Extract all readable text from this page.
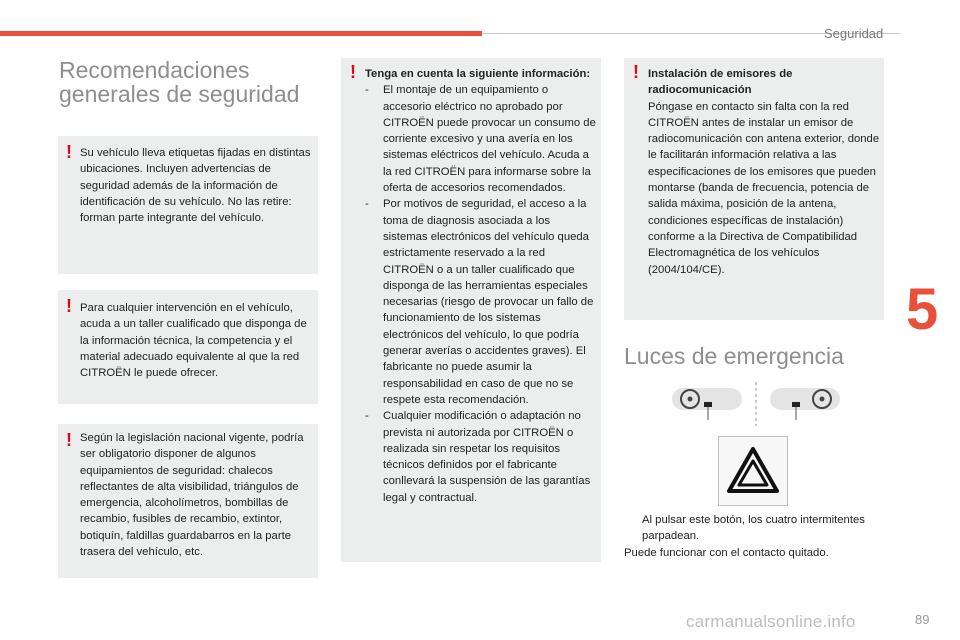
Seguridad
5
Recomendaciones generales de seguridad
! Su vehículo lleva etiquetas fijadas en distintas ubicaciones. Incluyen advertencias de seguridad además de la información de identificación de su vehículo. No las retire: forman parte integrante del vehículo.

! Para cualquier intervención en el vehículo, acuda a un taller cualificado que disponga de la información técnica, la competencia y el material adecuado equivalente al que la red CITROËN le puede ofrecer.

! Según la legislación nacional vigente, podría ser obligatorio disponer de algunos equipamientos de seguridad: chalecos reflectantes de alta visibilidad, triángulos de emergencia, alcoholímetros, bombillas de recambio, fusibles de recambio, extintor, botiquín, faldillas guardabarros en la parte trasera del vehículo, etc.

! Tenga en cuenta la siguiente información:

-	El montaje de un equipamiento o accesorio eléctrico no aprobado por CITROËN puede provocar un consumo de corriente excesivo y una avería en los sistemas eléctricos del vehículo. Acuda a la red CITROËN para informarse sobre la oferta de accesorios recomendados.
-	Por motivos de seguridad, el acceso a la toma de diagnosis asociada a los sistemas electrónicos del vehículo queda estrictamente reservado a la red CITROËN o a un taller cualificado que disponga de las herramientas especiales necesarias (riesgo de provocar un fallo de funcionamiento de los sistemas electrónicos del vehículo, lo que podría generar averías o accidentes graves). El fabricante no puede asumir la responsabilidad en caso de que no se respete esta recomendación.
-	Cualquier modificación o adaptación no prevista ni autorizada por CITROËN o realizada sin respetar los requisitos técnicos definidos por el fabricante conllevará la suspensión de las garantías legal y contractual.
! Instalación de emisores de radiocomunicación

Póngase en contacto sin falta con la red CITROËN antes de instalar un emisor de radiocomunicación con antena exterior, donde le facilitarán información relativa a las especificaciones de los emisores que pueden montarse (banda de frecuencia, potencia de salida máxima, posición de la antena, condiciones específicas de instalación) conforme a la Directiva de Compatibilidad Electromagnética de los vehículos (2004/104/CE).

Luces de emergencia
Al pulsar este botón, los cuatro intermitentes parpadean.

Puede funcionar con el contacto quitado.

carmanualsonline.info	89
